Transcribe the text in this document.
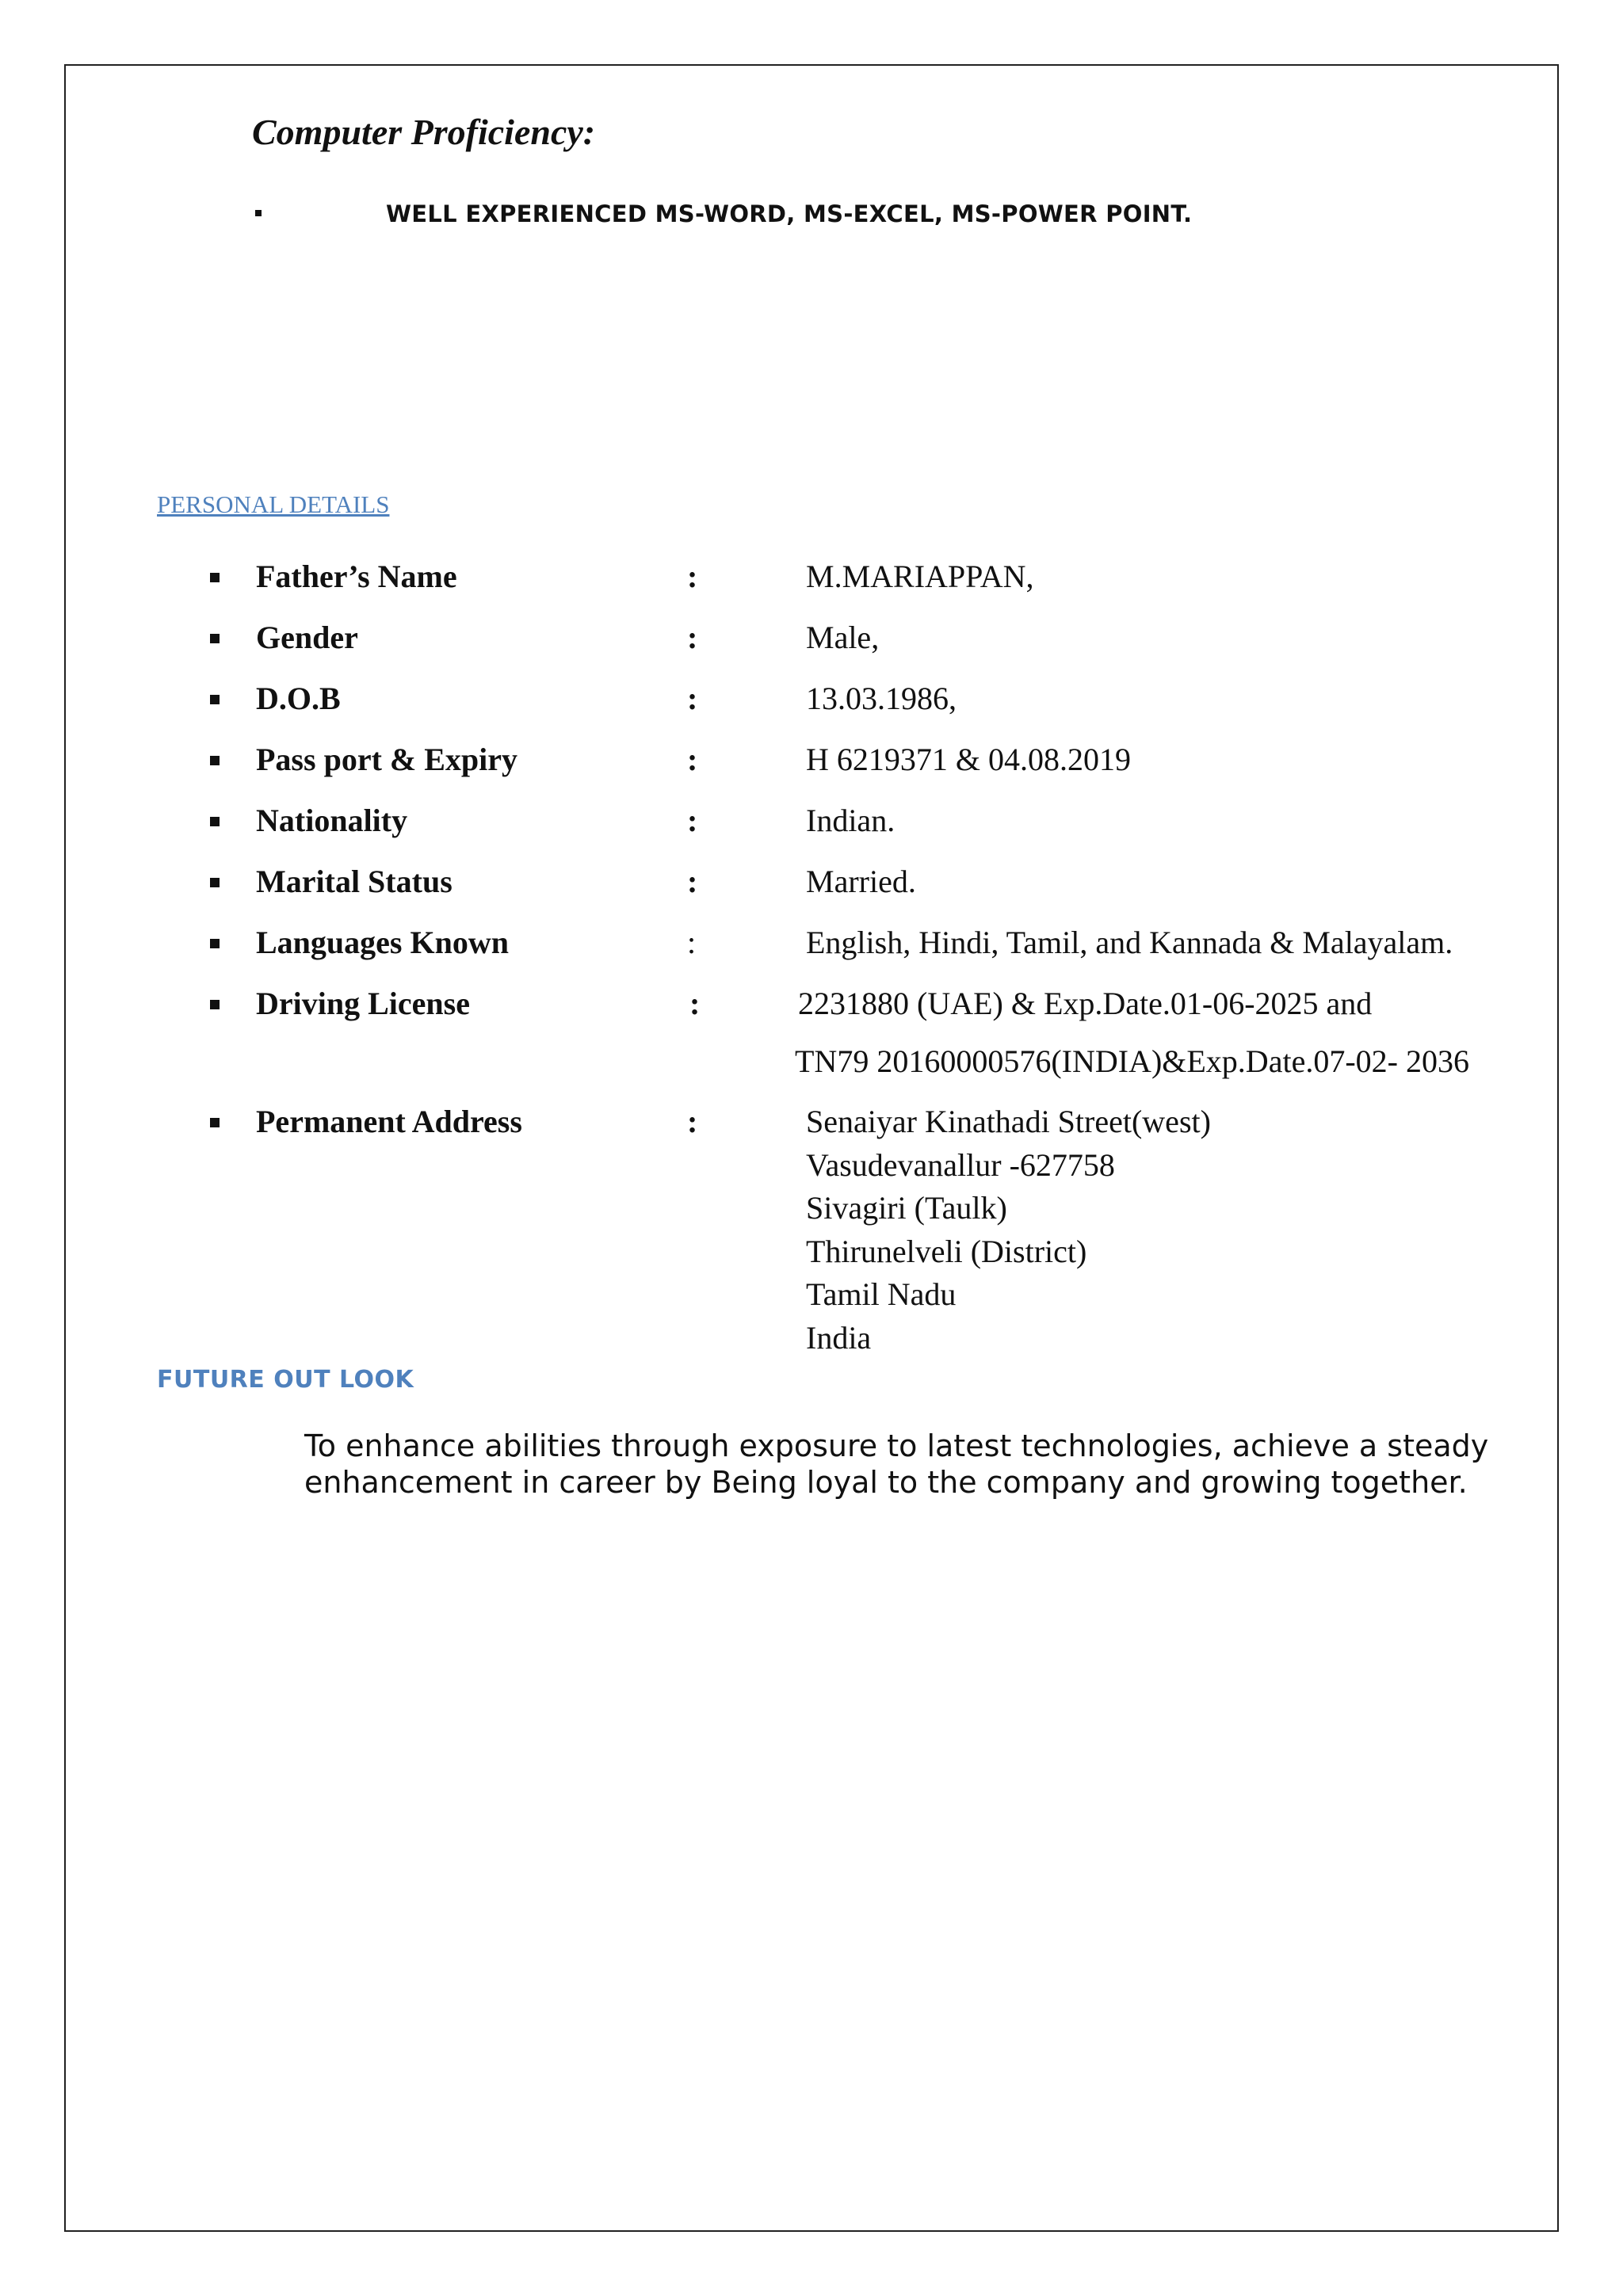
Computer Proficiency:
WELL EXPERIENCED MS-WORD, MS-EXCEL, MS-POWER POINT.
PERSONAL DETAILS
Father’s Name	:	M.MARIAPPAN,
Gender	:	Male,
D.O.B	:	13.03.1986,
Pass port & Expiry	:	H 6219371 & 04.08.2019
Nationality	:	Indian.
Marital Status	:	Married.
Languages Known	:	English, Hindi, Tamil, and Kannada & Malayalam.
Driving License	:	2231880 (UAE) & Exp.Date.01-06-2025 and
TN79 20160000576(INDIA)&Exp.Date.07-02- 2036
Permanent Address	:	Senaiyar Kinathadi Street(west)
Vasudevanallur -627758
Sivagiri (Taulk)
Thirunelveli (District)
Tamil Nadu
India
FUTURE OUT LOOK
To enhance abilities through exposure to latest technologies, achieve a steady enhancement in career by Being loyal to the company and growing together.
